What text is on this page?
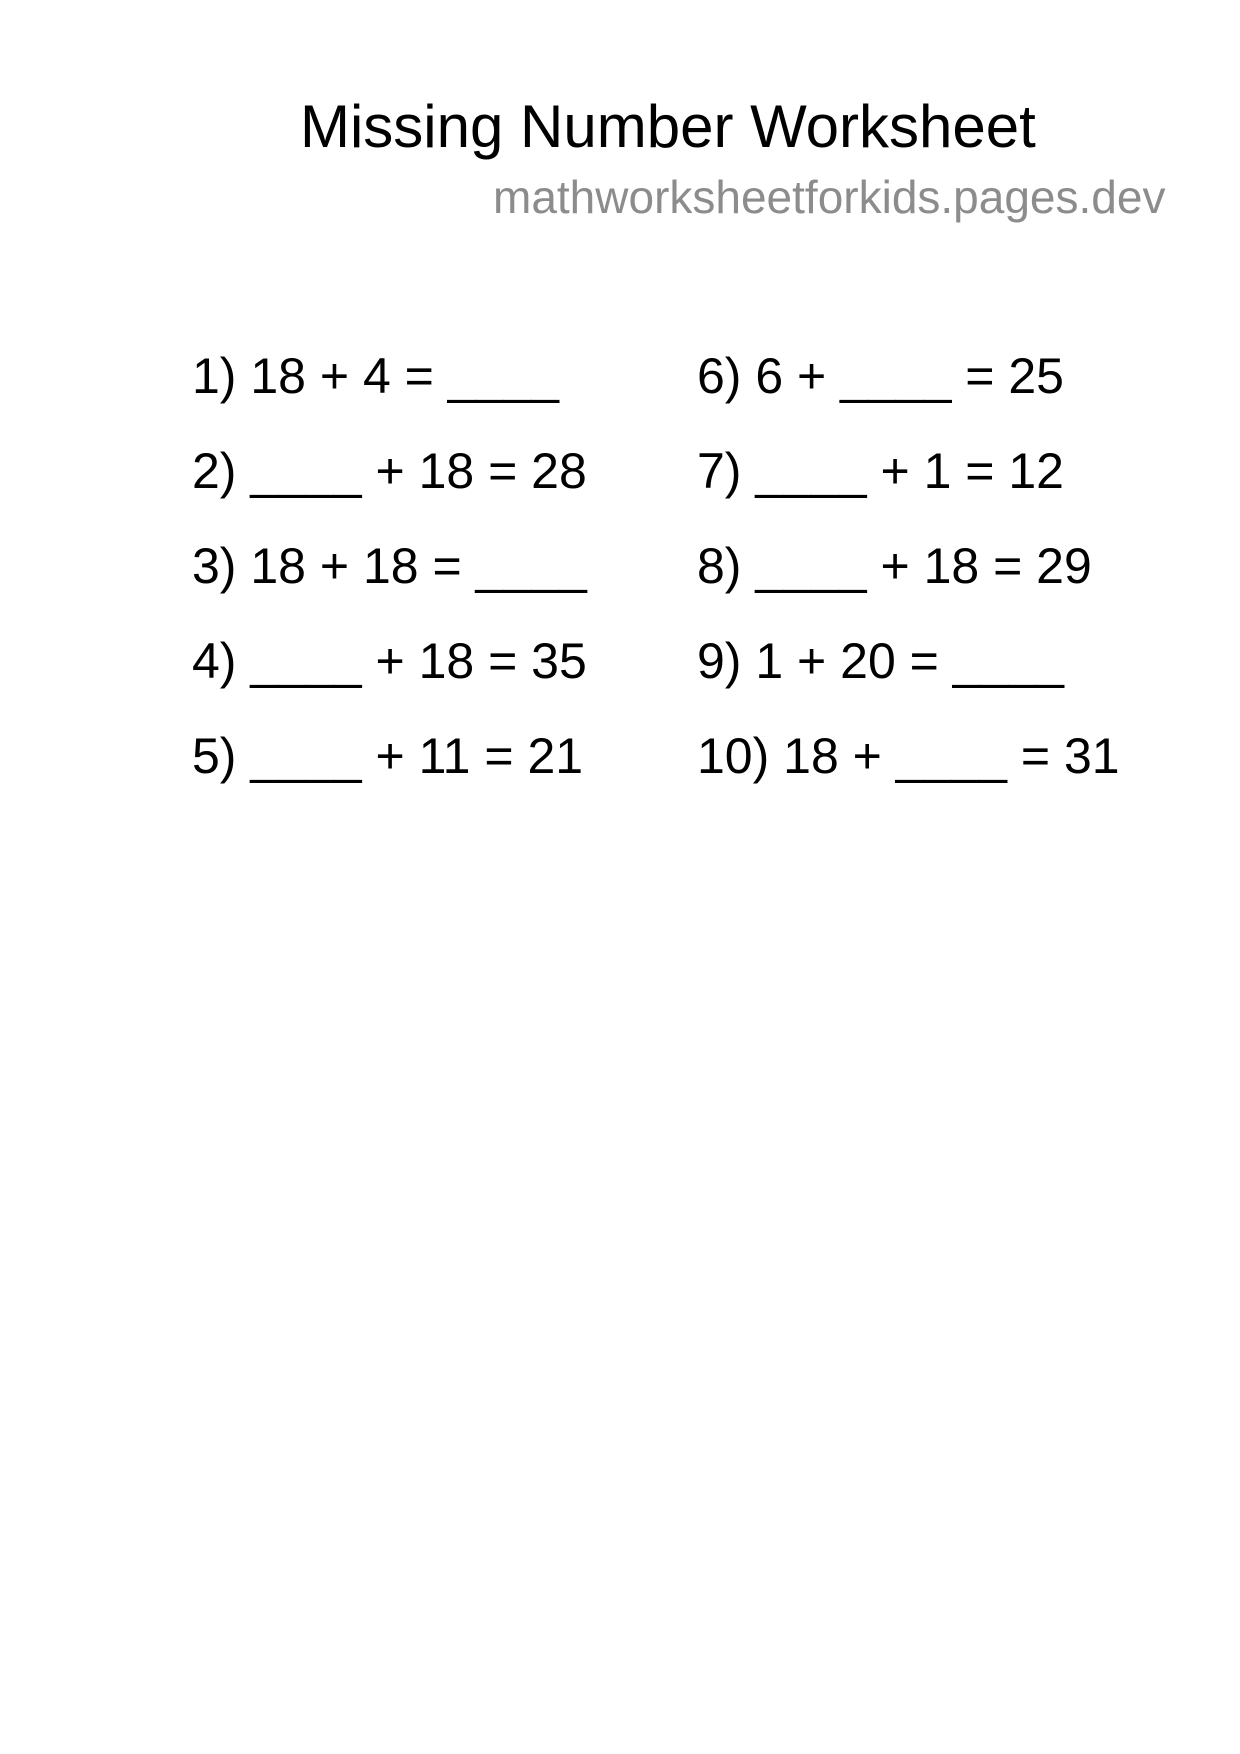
Missing Number Worksheet
mathworksheetforkids.pages.dev
1) 18 + 4 = ____
2) ____ + 18 = 28
3) 18 + 18 = ____
4) ____ + 18 = 35
5) ____ + 11 = 21
6) 6 + ____ = 25
7) ____ + 1 = 12
8) ____ + 18 = 29
9) 1 + 20 = ____
10) 18 + ____ = 31
